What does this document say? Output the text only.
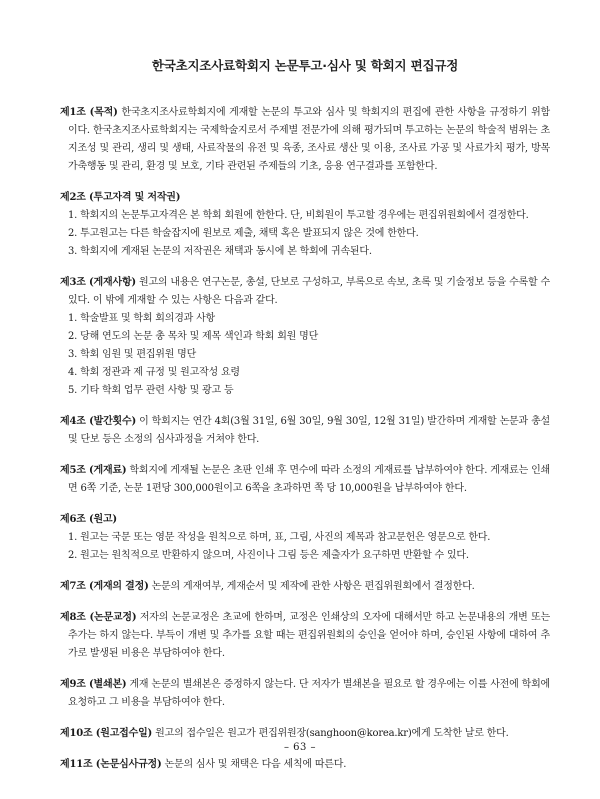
한국초지조사료학회지 논문투고·심사 및 학회지 편집규정

제1조 (목적) 한국초지조사료학회지에 게재할 논문의 투고와 심사 및 학회지의 편집에 관한 사항을 규정하기 위함이다. 한국초지조사료학회지는 국제학술지로서 주제별 전문가에 의해 평가되며 투고하는 논문의 학술적 범위는 초지조성 및 관리, 생리 및 생태, 사료작물의 유전 및 육종, 조사료 생산 및 이용, 조사료 가공 및 사료가치 평가, 방목가축행동 및 관리, 환경 및 보호, 기타 관련된 주제들의 기초, 응용 연구결과를 포함한다.

제2조 (투고자격 및 저작권)

1. 학회지의 논문투고자격은 본 학회 회원에 한한다. 단, 비회원이 투고할 경우에는 편집위원회에서 결정한다.
2. 투고원고는 다른 학술잡지에 원보로 제출, 채택 혹은 발표되지 않은 것에 한한다.
3. 학회지에 게재된 논문의 저작권은 채택과 동시에 본 학회에 귀속된다.

제3조 (게재사항) 원고의 내용은 연구논문, 총설, 단보로 구성하고, 부록으로 속보, 초록 및 기술정보 등을 수록할 수 있다. 이 밖에 게재할 수 있는 사항은 다음과 같다.

1. 학술발표 및 학회 회의경과 사항
2. 당해 연도의 논문 총 목차 및 제목 색인과 학회 회원 명단
3. 학회 임원 및 편집위원 명단
4. 학회 정관과 제 규정 및 원고작성 요령
5. 기타 학회 업무 관련 사항 및 광고 등

제4조 (발간횟수) 이 학회지는 연간 4회(3월 31일, 6월 30일, 9월 30일, 12월 31일) 발간하며 게재할 논문과 총설 및 단보 등은 소정의 심사과정을 거쳐야 한다.

제5조 (게재료) 학회지에 게재될 논문은 초판 인쇄 후 면수에 따라 소정의 게재료를 납부하여야 한다. 게재료는 인쇄면 6쪽 기준, 논문 1편당 300,000원이고 6쪽을 초과하면 쪽 당 10,000원을 납부하여야 한다.

제6조 (원고)

1. 원고는 국문 또는 영문 작성을 원칙으로 하며, 표, 그림, 사진의 제목과 참고문헌은 영문으로 한다.
2. 원고는 원칙적으로 반환하지 않으며, 사진이나 그림 등은 제출자가 요구하면 반환할 수 있다.

제7조 (게재의 결정) 논문의 게재여부, 게재순서 및 제작에 관한 사항은 편집위원회에서 결정한다.

제8조 (논문교정) 저자의 논문교정은 초교에 한하며, 교정은 인쇄상의 오자에 대해서만 하고 논문내용의 개변 또는 추가는 하지 않는다. 부득이 개변 및 추가를 요할 때는 편집위원회의 승인을 얻어야 하며, 승인된 사항에 대하여 추가로 발생된 비용은 부담하여야 한다.

제9조 (별쇄본) 게재 논문의 별쇄본은 증정하지 않는다. 단 저자가 별쇄본을 필요로 할 경우에는 이를 사전에 학회에 요청하고 그 비용을 부담하여야 한다.

제10조 (원고접수일) 원고의 접수일은 원고가 편집위원장(sanghoon@korea.kr)에게 도착한 날로 한다.

제11조 (논문심사규정) 논문의 심사 및 채택은 다음 세칙에 따른다.

– 63 –
